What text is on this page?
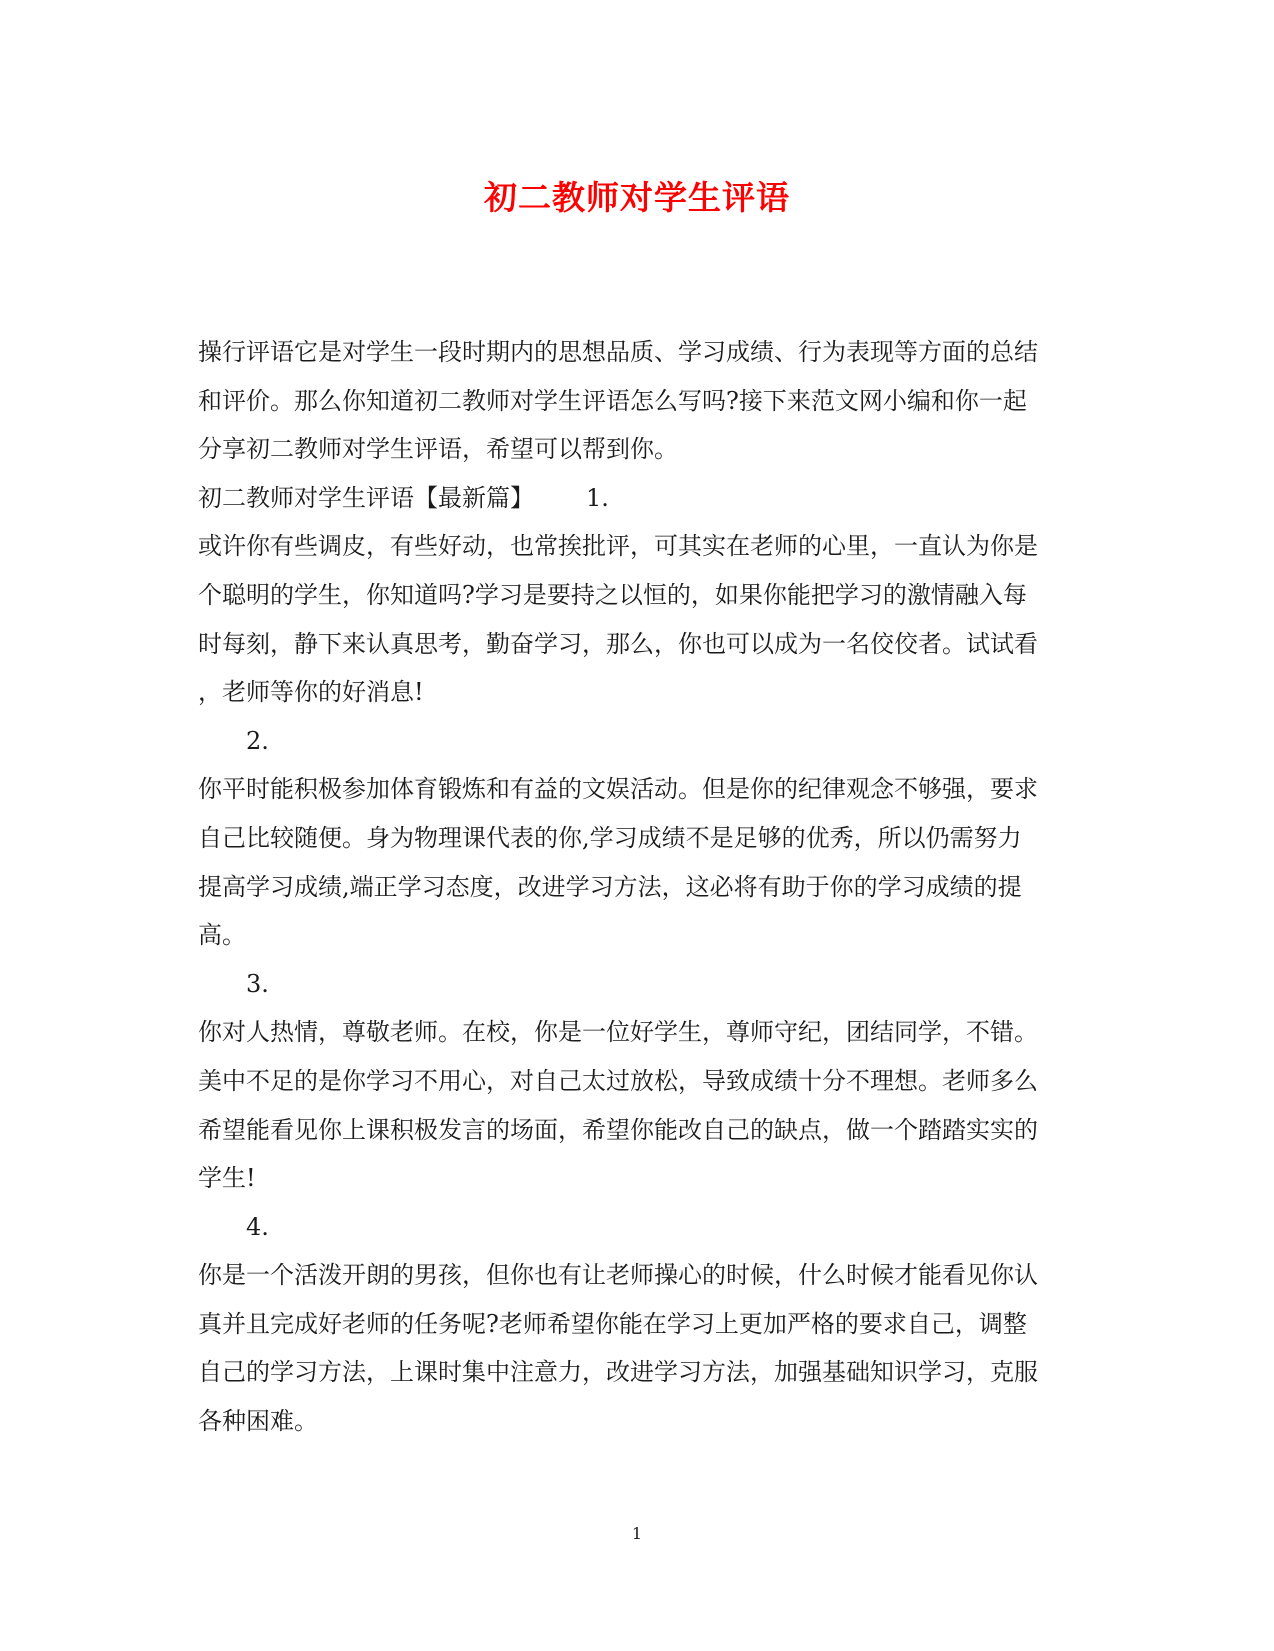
初二教师对学生评语
操行评语它是对学生一段时期内的思想品质、学习成绩、行为表现等方面的总结
和评价。那么你知道初二教师对学生评语怎么写吗?接下来范文网小编和你一起
分享初二教师对学生评语，希望可以帮到你。
初二教师对学生评语【最新篇】 1.
或许你有些调皮，有些好动，也常挨批评，可其实在老师的心里，一直认为你是
个聪明的学生，你知道吗?学习是要持之以恒的，如果你能把学习的激情融入每
时每刻，静下来认真思考，勤奋学习，那么，你也可以成为一名佼佼者。试试看
，老师等你的好消息!
2.
你平时能积极参加体育锻炼和有益的文娱活动。但是你的纪律观念不够强，要求
自己比较随便。身为物理课代表的你,学习成绩不是足够的优秀，所以仍需努力
提高学习成绩,端正学习态度，改进学习方法，这必将有助于你的学习成绩的提
高。
3.
你对人热情，尊敬老师。在校，你是一位好学生，尊师守纪，团结同学，不错。
美中不足的是你学习不用心，对自己太过放松，导致成绩十分不理想。老师多么
希望能看见你上课积极发言的场面，希望你能改自己的缺点，做一个踏踏实实的
学生!
4.
你是一个活泼开朗的男孩，但你也有让老师操心的时候，什么时候才能看见你认
真并且完成好老师的任务呢?老师希望你能在学习上更加严格的要求自己，调整
自己的学习方法，上课时集中注意力，改进学习方法，加强基础知识学习，克服
各种困难。
1
